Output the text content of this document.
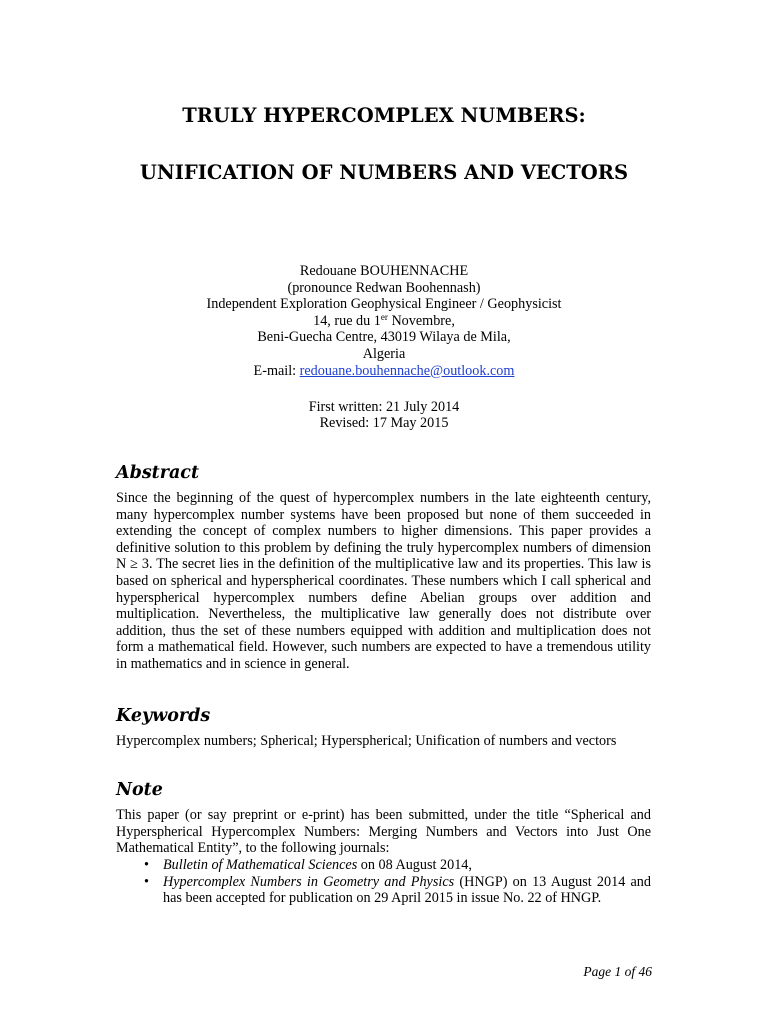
TRULY HYPERCOMPLEX NUMBERS:
UNIFICATION OF NUMBERS AND VECTORS
Redouane BOUHENNACHE
(pronounce Redwan Boohennash)
Independent Exploration Geophysical Engineer / Geophysicist
14, rue du 1er Novembre,
Beni-Guecha Centre, 43019 Wilaya de Mila,
Algeria
E-mail: redouane.bouhennache@outlook.com
First written: 21 July 2014
Revised: 17 May 2015
Abstract

Since the beginning of the quest of hypercomplex numbers in the late eighteenth century, many hypercomplex number systems have been proposed but none of them succeeded in extending the concept of complex numbers to higher dimensions. This paper provides a definitive solution to this problem by defining the truly hypercomplex numbers of dimension N ≥ 3. The secret lies in the definition of the multiplicative law and its properties. This law is based on spherical and hyperspherical coordinates. These numbers which I call spherical and hyperspherical hypercomplex numbers define Abelian groups over addition and multiplication. Nevertheless, the multiplicative law generally does not distribute over addition, thus the set of these numbers equipped with addition and multiplication does not form a mathematical field. However, such numbers are expected to have a tremendous utility in mathematics and in science in general.

Keywords

Hypercomplex numbers; Spherical; Hyperspherical; Unification of numbers and vectors

Note

This paper (or say preprint or e-print) has been submitted, under the title “Spherical and Hyperspherical Hypercomplex Numbers: Merging Numbers and Vectors into Just One Mathematical Entity”, to the following journals:

• Bulletin of Mathematical Sciences on 08 August 2014,
• Hypercomplex Numbers in Geometry and Physics (HNGP) on 13 August 2014 and has been accepted for publication on 29 April 2015 in issue No. 22 of HNGP.
Page 1 of 46
